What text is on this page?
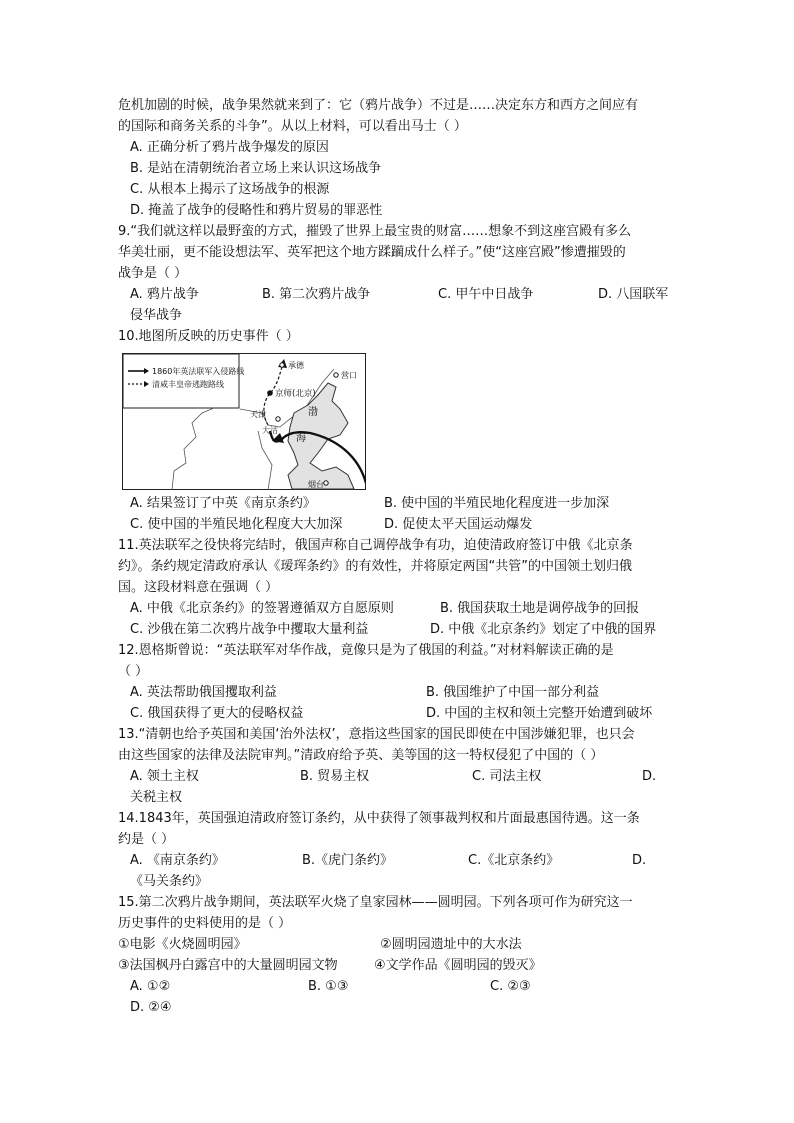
危机加剧的时候，战争果然就来到了：它（鸦片战争）不过是……决定东方和西方之间应有
的国际和商务关系的斗争”。从以上材料，可以看出马士（ ）
A. 正确分析了鸦片战争爆发的原因
B. 是站在清朝统治者立场上来认识这场战争
C. 从根本上揭示了这场战争的根源
D. 掩盖了战争的侵略性和鸦片贸易的罪恶性
9.“我们就这样以最野蛮的方式，摧毁了世界上最宝贵的财富……想象不到这座宫殿有多么
华美壮丽，更不能设想法军、英军把这个地方蹂躏成什么样子。”使“这座宫殿”惨遭摧毁的
战争是（ ）
A. 鸦片战争	B. 第二次鸦片战争	C. 甲午中日战争	D. 八国联军
侵华战争
10.地图所反映的历史事件（ ）
1860年英法联军入侵路线
清咸丰皇帝逃跑路线
承德
京师(北京)
营口
天津
大沽
渤
海
烟台
A. 结果签订了中英《南京条约》	B. 使中国的半殖民地化程度进一步加深
C. 使中国的半殖民地化程度大大加深	D. 促使太平天国运动爆发
11.英法联军之役快将完结时，俄国声称自己调停战争有功，迫使清政府签订中俄《北京条
约》。条约规定清政府承认《瑷珲条约》的有效性，并将原定两国“共管”的中国领土划归俄
国。这段材料意在强调（ ）
A. 中俄《北京条约》的签署遵循双方自愿原则	B. 俄国获取土地是调停战争的回报
C. 沙俄在第二次鸦片战争中攫取大量利益	D. 中俄《北京条约》划定了中俄的国界
12.恩格斯曾说：“英法联军对华作战，竟像只是为了俄国的利益。”对材料解读正确的是
（ ）
A. 英法帮助俄国攫取利益	B. 俄国维护了中国一部分利益
C. 俄国获得了更大的侵略权益	D. 中国的主权和领土完整开始遭到破坏
13.“清朝也给予英国和美国‘治外法权’，意指这些国家的国民即使在中国涉嫌犯罪，也只会
由这些国家的法律及法院审判。”清政府给予英、美等国的这一特权侵犯了中国的（ ）
A. 领土主权	B. 贸易主权	C. 司法主权	D.
关税主权
14.1843年，英国强迫清政府签订条约，从中获得了领事裁判权和片面最惠国待遇。这一条
约是（ ）
A. 《南京条约》	B.《虎门条约》	C.《北京条约》	D.
《马关条约》
15.第二次鸦片战争期间，英法联军火烧了皇家园林——圆明园。下列各项可作为研究这一
历史事件的史料使用的是（ ）
①电影《火烧圆明园》	②圆明园遗址中的大水法
③法国枫丹白露宫中的大量圆明园文物	④文学作品《圆明园的毁灭》
A. ①②	B. ①③	C. ②③
D. ②④
